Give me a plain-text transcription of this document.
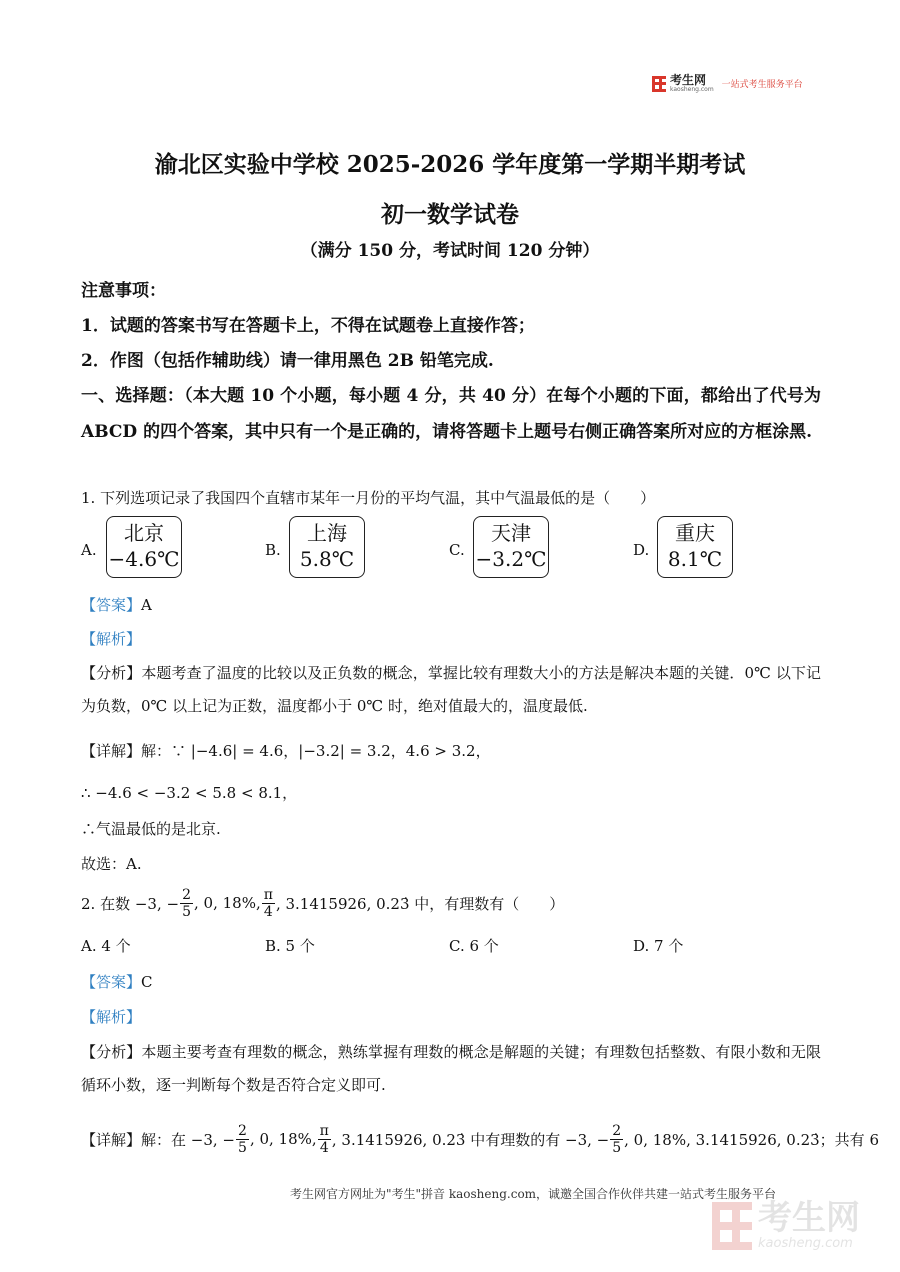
考生网
kaosheng.com 一站式考生服务平台
渝北区实验中学校 2025-2026 学年度第一学期半期考试
初一数学试卷
（满分 150 分，考试时间 120 分钟）
注意事项：
1．试题的答案书写在答题卡上，不得在试题卷上直接作答；
2．作图（包括作辅助线）请一律用黑色 2B 铅笔完成.
一、选择题：（本大题 10 个小题，每小题 4 分，共 40 分）在每个小题的下面，都给出了代号为 ABCD 的四个答案，其中只有一个是正确的，请将答题卡上题号右侧正确答案所对应的方框涂黑.
1. 下列选项记录了我国四个直辖市某年一月份的平均气温，其中气温最低的是（　　）
A.
北京
−4.6℃	B.
上海
5.8℃	C.
天津
−3.2℃	D.
重庆
8.1℃
【答案】A
【解析】
【分析】本题考查了温度的比较以及正负数的概念，掌握比较有理数大小的方法是解决本题的关键．0℃ 以下记为负数，0℃ 以上记为正数，温度都小于 0℃ 时，绝对值最大的，温度最低.
【详解】解：∵ |−4.6| = 4.6，|−3.2| = 3.2，4.6 > 3.2，
∴ −4.6 < −3.2 < 5.8 < 8.1，
∴气温最低的是北京.
故选：A.
2. 在数 −3, − $\frac{2}{5}$ , 0, 18%, $\frac{\pi}{4}$ , 3.1415926, 0.23̇ 中，有理数有（　　）
A. 4 个	B. 5 个	C. 6 个	D. 7 个
【答案】C
【解析】
【分析】本题主要考查有理数的概念，熟练掌握有理数的概念是解题的关键；有理数包括整数、有限小数和无限循环小数，逐一判断每个数是否符合定义即可.
【详解】 解：在 −3, − $\frac{2}{5}$ , 0, 18%, $\frac{\pi}{4}$ , 3.1415926, 0.23̇ 中有理数的有 −3, − $\frac{2}{5}$ , 0, 18%, 3.1415926, 0.23̇；共有 6
考生网官方网址为"考生"拼音 kaosheng.com，诚邀全国合作伙伴共建一站式考生服务平台
考生网
kaosheng.com
